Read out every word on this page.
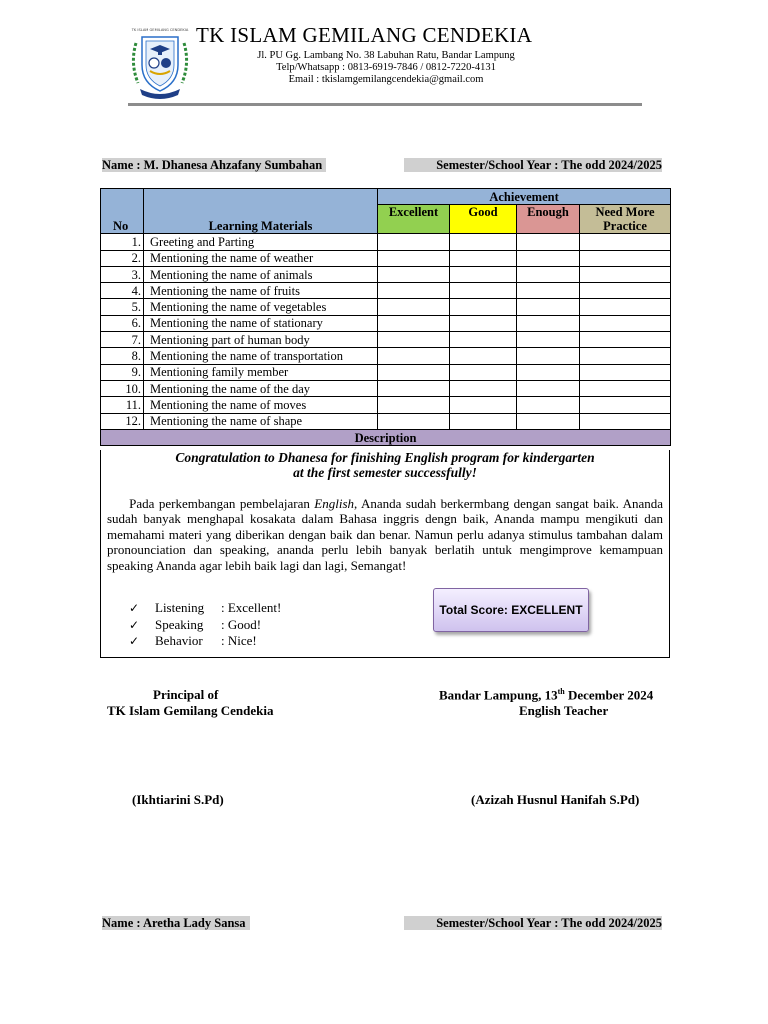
TK ISLAM GEMILANG CENDEKIA TK ISLAM GEMILANG CENDEKIA
Jl. PU Gg. Lambang No. 38 Labuhan Ratu, Bandar Lampung
Telp/Whatsapp : 0813-6919-7846 / 0812-7220-4131
Email : tkislamgemilangcendekia@gmail.com
Semester/School Year : The odd 2024/2025
Name : M. Dhanesa Ahzafany Sumbahan
No	Learning Materials	Achievement			
		Excellent	Good	Enough	Need More Practice

1.	Greeting and Parting				
2.	Mentioning the name of weather				
3.	Mentioning the name of animals				
4.	Mentioning the name of fruits				
5.	Mentioning the name of vegetables				
6.	Mentioning the name of stationary				
7.	Mentioning part of human body				
8.	Mentioning the name of transportation				
9.	Mentioning family member				
10.	Mentioning the name of the day				
11.	Mentioning the name of moves				
12.	Mentioning the name of shape				
Description					
Congratulation to Dhanesa for finishing English program for kindergarten
at the first semester successfully!
Pada perkembangan pembelajaran English, Ananda sudah berkermbang dengan sangat baik. Ananda sudah banyak menghapal kosakata dalam Bahasa inggris dengn baik, Ananda mampu mengikuti dan memahami materi yang diberikan dengan baik dan benar. Namun perlu adanya stimulus tambahan dalam pronounciation dan speaking, ananda perlu lebih banyak berlatih untuk mengimprove kemampuan speaking Ananda agar lebih baik lagi dan lagi, Semangat!
✓ Listening : Excellent!
✓ Speaking : Good!
✓ Behavior : Nice!
Total Score: EXCELLENT
Principal of
TK Islam Gemilang Cendekia
Bandar Lampung, 13th December 2024
English Teacher
(Ikhtiarini S.Pd)	(Azizah Husnul Hanifah S.Pd)
Semester/School Year : The odd 2024/2025
Name : Aretha Lady Sansa
